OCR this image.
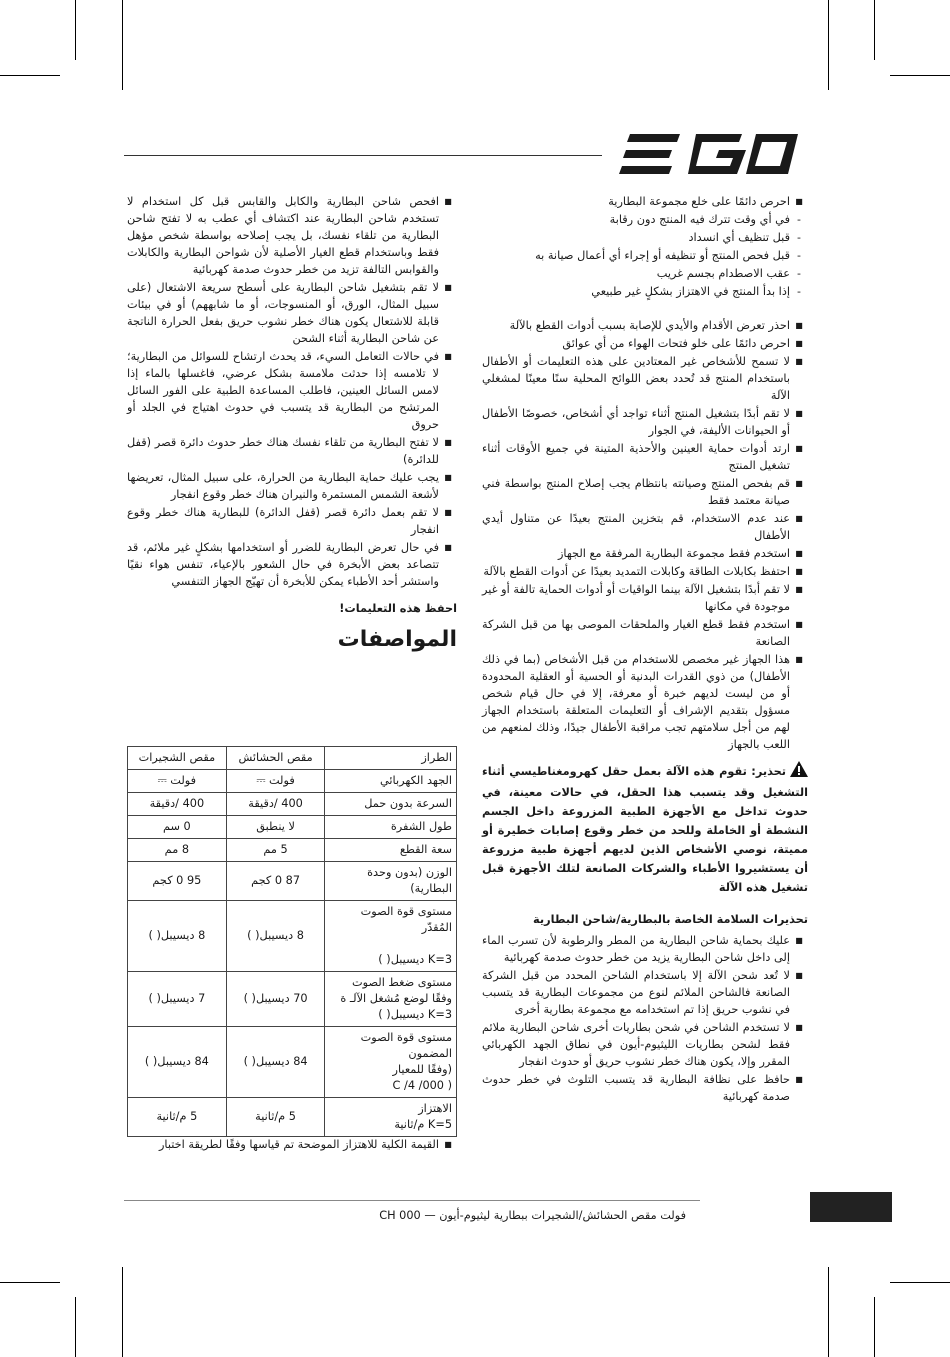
■
احرص دائمًا على خلع مجموعة البطارية
-
في أي وقت تترك فيه المنتج دون رقابة
-
قبل تنظيف أي انسداد
-
قبل فحص المنتج أو تنظيفه أو إجراء أي أعمال صيانة به
-
عقب الاصطدام بجسم غريب
-
إذا بدأ المنتج في الاهتزاز بشكلٍ غير طبيعي
■
احذر تعرض الأقدام والأيدي للإصابة بسبب أدوات القطع بالآلة
■
احرص دائمًا على خلو فتحات الهواء من أي عوائق
■
لا تسمح للأشخاص غير المعتادين على هذه التعليمات أو الأطفال باستخدام المنتج قد تُحدد بعض اللوائح المحلية سنًا معينًا لمشغلي الآلة
■
لا تقم أبدًا بتشغيل المنتج أثناء تواجد أي أشخاص، خصوصًا الأطفال أو الحيوانات الأليفة، في الجوار
■
ارتد أدوات حماية العينين والأحذية المتينة في جميع الأوقات أثناء تشغيل المنتج
■
قم بفحص المنتج وصيانته بانتظام يجب إصلاح المنتج بواسطة فني صيانة معتمد فقط
■
عند عدم الاستخدام، قم بتخزين المنتج بعيدًا عن متناول أيدي الأطفال
■
استخدم فقط مجموعة البطارية المرفقة مع الجهاز
■
احتفظ بكابلات الطاقة وكابلات التمديد بعيدًا عن أدوات القطع بالآلة
■
لا تقم أبدًا بتشغيل الآلة بينما الواقيات أو أدوات الحماية تالفة أو غير موجودة في مكانها
■
استخدم فقط قطع الغيار والملحقات الموصى بها من قبل الشركة الصانعة
■
هذا الجهاز غير مخصص للاستخدام من قبل الأشخاص (بما في ذلك الأطفال) من ذوي القدرات البدنية أو الحسية أو العقلية المحدودة أو من ليست لديهم خبرة أو معرفة، إلا في حال قيام شخص مسؤول بتقديم الإشراف أو التعليمات المتعلقة باستخدام الجهاز لهم من أجل سلامتهم تجب مراقبة الأطفال جيدًا، وذلك لمنعهم من اللعب بالجهاز
تحذير: تقوم هذه الآلة بعمل حقل كهرومغناطيسي أثناء التشغيل وقد يتسبب هذا الحقل، في حالات معينة، في حدوث تداخل مع الأجهزة الطبية المزروعة داخل الجسم النشطة أو الخاملة وللحد من خطر وقوع إصابات خطيرة أو مميتة، نوصي الأشخاص الذين لديهم أجهزة طبية مزروعة أن يستشيروا الأطباء والشركات الصانعة لتلك الأجهزة قبل تشغيل هذه الآلة
تحذيرات السلامة الخاصة بالبطارية/شاحن البطارية
■
عليك بحماية شاحن البطارية من المطر والرطوبة لأن تسرب الماء إلى داخل شاحن البطارية يزيد من خطر حدوث صدمة كهربائية
■
لا تُعد شحن الآلة إلا باستخدام الشاحن المحدد من قبل الشركة الصانعة فالشاحن الملائم لنوع من مجموعات البطارية قد يتسبب في نشوب حريق إذا تم استخدامه مع مجموعة بطارية أخرى
■
لا تستخدم الشاحن في شحن بطاريات أخرى شاحن البطارية ملائم فقط لشحن بطاريات الليثيوم-أيون في نطاق الجهد الكهربائي المقرر وإلا، يكون هناك خطر نشوب حريق أو حدوث انفجار
■
حافظ على نظافة البطارية قد يتسبب التلوث في خطر حدوث صدمة كهربائية
■
افحص شاحن البطارية والكابل والقابس قبل كل استخدام لا تستخدم شاحن البطارية عند اكتشاف أي عطب به لا تفتح شاحن البطارية من تلقاء نفسك، بل يجب إصلاحه بواسطة شخص مؤهل فقط وباستخدام قطع الغيار الأصلية لأن شواحن البطارية والكابلات والقوابس التالفة تزيد من خطر حدوث صدمة كهربائية
■
لا تقم بتشغيل شاحن البطارية على أسطح سريعة الاشتعال (على سبيل المثال، الورق، أو المنسوجات، أو ما شابههم) أو في بيئات قابلة للاشتعال يكون هناك خطر نشوب حريق بفعل الحرارة الناتجة عن شاحن البطارية أثناء الشحن
■
في حالات التعامل السيء، قد يحدث ارتشاح للسوائل من البطارية؛ لا تلامسه إذا حدثت ملامسة بشكل عرضي، فاغسلها بالماء إذا لامس السائل العينين، فاطلب المساعدة الطبية على الفور السائل المرتشح من البطارية قد يتسبب في حدوث اهتياج في الجلد أو حروق
■
لا تفتح البطارية من تلقاء نفسك هناك خطر حدوث دائرة قصر (قفل للدائرة)
■
يجب عليك حماية البطارية من الحرارة، على سبيل المثال، تعريضها لأشعة الشمس المستمرة والنيران هناك خطر وقوع انفجار
■
لا تقم بعمل دائرة قصر (قفل الدائرة) للبطارية هناك خطر وقوع انفجار
■
في حال تعرض البطارية للضرر أو استخدامها بشكلٍ غير ملائم، قد تتصاعد بعض الأبخرة في حال الشعور بالإعياء، تنفس هواء نقيًا واستشر أحد الأطباء يمكن للأبخرة أن تهيّج الجهاز التنفسي
احفظ هذه التعليمات!
المواصفات
الطراز	مقص الحشائش	مقص الشجيرات
الجهد الكهربائي	فولت ⎓	فولت ⎓
السرعة بدون حمل	400 /دقيقة	400 /دقيقة
طول الشفرة	لا ينطبق	0 سم
سعة القطع	5 مم	8 مم
الوزن (بدون وحدة البطارية)	87 0 كجم	95 0 كجم
مستوى قوة الصوت المُقدّر

3=K ديسيبل( )	8 ديسيبل( )	8 ديسيبل( )
مستوى ضغط الصوت وفقًا لوضع مُشغل الآلـ ة
3=K ديسيبل( )	70 ديسيبل( )	7 ديسيبل( )
مستوى قوة الصوت المضمون
(وفقًا للمعيار
( 000/ 4/ C	84 ديسيبل( )	84 ديسيبل( )
الاهتزاز
5=K م/ثانية	5 م/ثانية	5 م/ثانية
■
القيمة الكلية للاهتزاز الموضحة تم قياسها وفقًا لطريقة اختبار
فولت مقص الحشائش/الشجيرات ببطارية ليثيوم-أيون — CH 000
